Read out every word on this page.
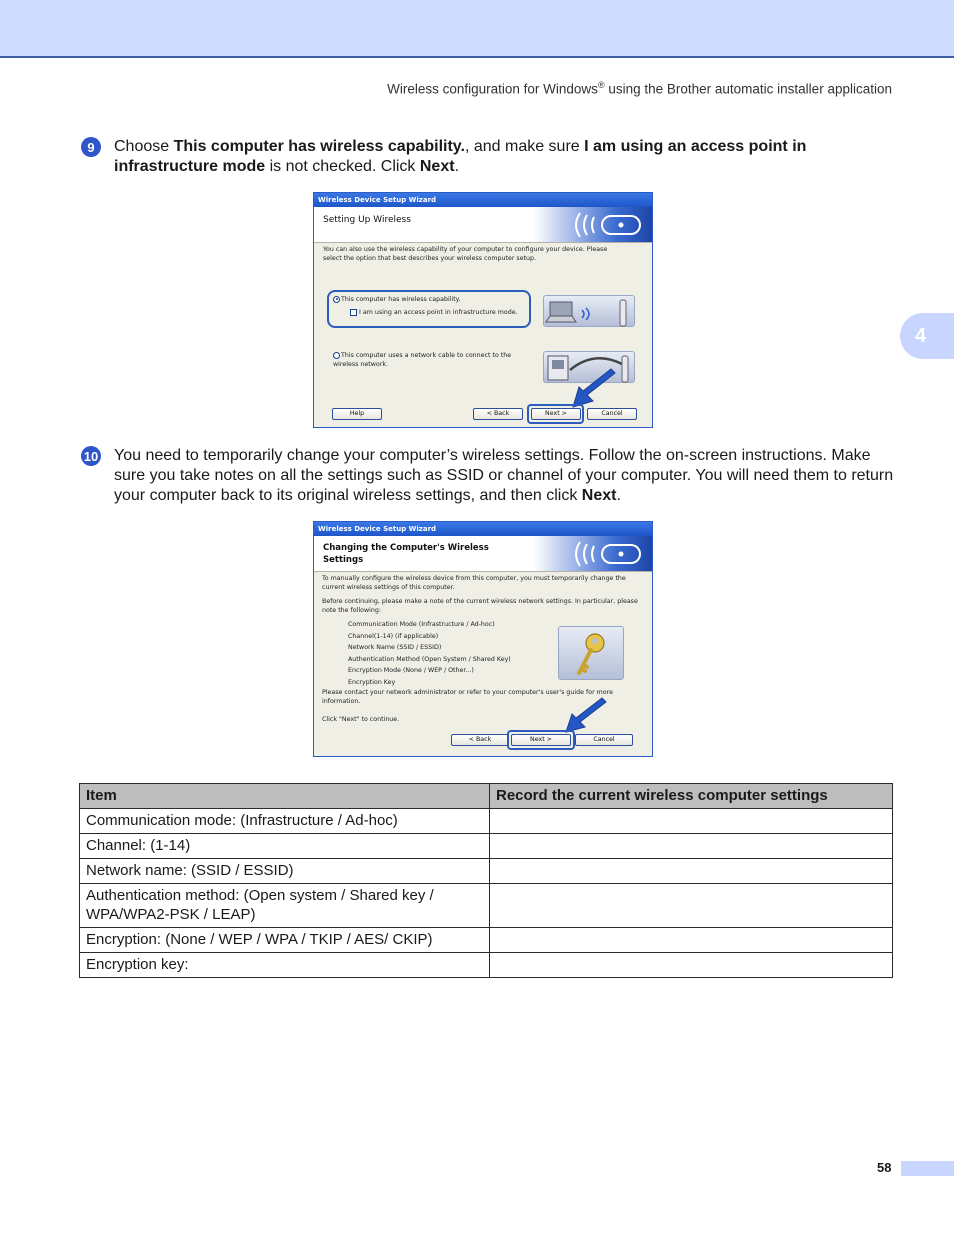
Wireless configuration for Windows® using the Brother automatic installer application
4
9	Choose This computer has wireless capability., and make sure I am using an access point in infrastructure mode is not checked. Click Next.
Wireless Device Setup Wizard
Setting Up Wireless
You can also use the wireless capability of your computer to configure your device. Please select the option that best describes your wireless computer setup.
This computer has wireless capability.
I am using an access point in infrastructure mode.
This computer uses a network cable to connect to the wireless network.
Help	< Back	Next >	Cancel
10 You need to temporarily change your computer’s wireless settings. Follow the on-screen instructions. Make sure you take notes on all the settings such as SSID or channel of your computer. You will need them to return your computer back to its original wireless settings, and then click Next.
Wireless Device Setup Wizard
Changing the Computer's Wireless Settings
To manually configure the wireless device from this computer, you must temporarily change the current wireless settings of this computer.
Before continuing, please make a note of the current wireless network settings. In particular, please note the following:
Communication Mode (Infrastructure / Ad-hoc)
Channel(1-14) (if applicable)
Network Name (SSID / ESSID)
Authentication Method (Open System / Shared Key)
Encryption Mode (None / WEP / Other...)
Encryption Key
Please contact your network administrator or refer to your computer's user's guide for more information.
Click "Next" to continue.
< Back	Next >	Cancel
Item	Record the current wireless computer settings
Communication mode: (Infrastructure / Ad-hoc)	
Channel: (1-14)	
Network name: (SSID / ESSID)	
Authentication method: (Open system / Shared key / WPA/WPA2-PSK / LEAP)	
Encryption: (None / WEP / WPA / TKIP / AES/ CKIP)	
Encryption key:	
58
